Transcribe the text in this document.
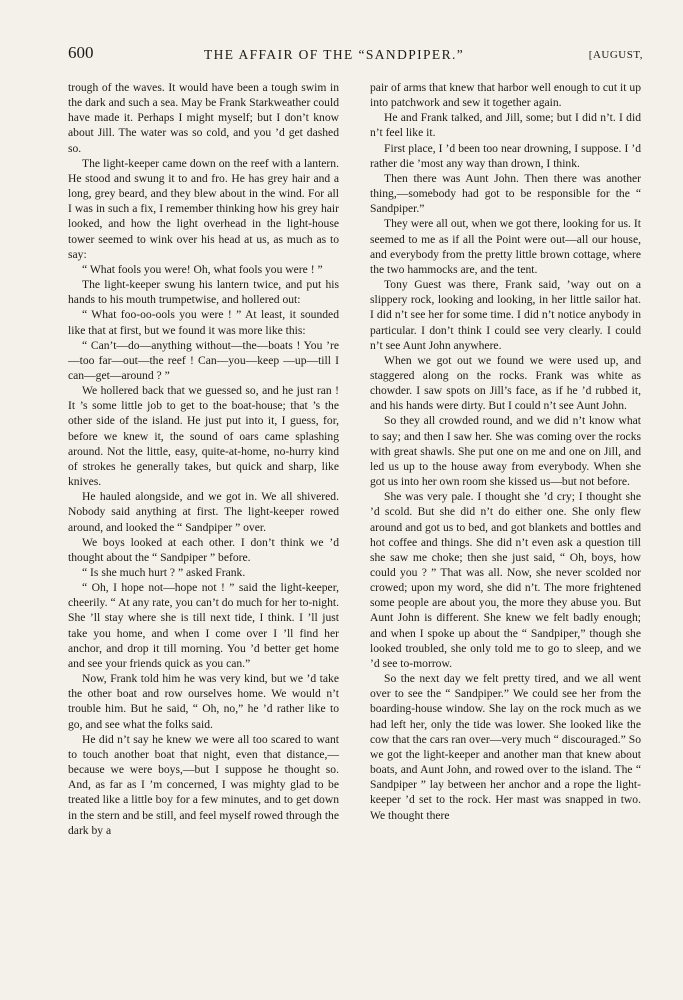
600	THE AFFAIR OF THE “SANDPIPER.”	[AUGUST,

trough of the waves. It would have been a tough swim in the dark and such a sea. May be Frank Starkweather could have made it. Perhaps I might myself; but I don’t know about Jill. The water was so cold, and you ’d get dashed so.

The light-keeper came down on the reef with a lantern. He stood and swung it to and fro. He has grey hair and a long, grey beard, and they blew about in the wind. For all I was in such a fix, I remember thinking how his grey hair looked, and how the light overhead in the light-house tower seemed to wink over his head at us, as much as to say:

“ What fools you were! Oh, what fools you were ! ”

The light-keeper swung his lantern twice, and put his hands to his mouth trumpetwise, and hollered out:

“ What foo-oo-ools you were ! ” At least, it sounded like that at first, but we found it was more like this:

“ Can’t—do—anything without—the—boats ! You ’re—too far—out—the reef ! Can—you—keep —up—till I can—get—around ? ”

We hollered back that we guessed so, and he just ran ! It ’s some little job to get to the boat-house; that ’s the other side of the island. He just put into it, I guess, for, before we knew it, the sound of oars came splashing around. Not the little, easy, quite-at-home, no-hurry kind of strokes he generally takes, but quick and sharp, like knives.

He hauled alongside, and we got in. We all shivered. Nobody said anything at first. The light-keeper rowed around, and looked the “ Sandpiper ” over.

We boys looked at each other. I don’t think we ’d thought about the “ Sandpiper ” before.

“ Is she much hurt ? ” asked Frank.

“ Oh, I hope not—hope not ! ” said the light-keeper, cheerily. “ At any rate, you can’t do much for her to-night. She ’ll stay where she is till next tide, I think. I ’ll just take you home, and when I come over I ’ll find her anchor, and drop it till morning. You ’d better get home and see your friends quick as you can.”

Now, Frank told him he was very kind, but we ’d take the other boat and row ourselves home. We would n’t trouble him. But he said, “ Oh, no,” he ’d rather like to go, and see what the folks said.

He did n’t say he knew we were all too scared to want to touch another boat that night, even that distance,—because we were boys,—but I suppose he thought so. And, as far as I ’m concerned, I was mighty glad to be treated like a little boy for a few minutes, and to get down in the stern and be still, and feel myself rowed through the dark by a

pair of arms that knew that harbor well enough to cut it up into patchwork and sew it together again.

He and Frank talked, and Jill, some; but I did n’t. I did n’t feel like it.

First place, I ’d been too near drowning, I suppose. I ’d rather die ’most any way than drown, I think.

Then there was Aunt John. Then there was another thing,—somebody had got to be responsible for the “ Sandpiper.”

They were all out, when we got there, looking for us. It seemed to me as if all the Point were out—all our house, and everybody from the pretty little brown cottage, where the two hammocks are, and the tent.

Tony Guest was there, Frank said, ’way out on a slippery rock, looking and looking, in her little sailor hat. I did n’t see her for some time. I did n’t notice anybody in particular. I don’t think I could see very clearly. I could n’t see Aunt John anywhere.

When we got out we found we were used up, and staggered along on the rocks. Frank was white as chowder. I saw spots on Jill’s face, as if he ’d rubbed it, and his hands were dirty. But I could n’t see Aunt John.

So they all crowded round, and we did n’t know what to say; and then I saw her. She was coming over the rocks with great shawls. She put one on me and one on Jill, and led us up to the house away from everybody. When she got us into her own room she kissed us—but not before.

She was very pale. I thought she ’d cry; I thought she ’d scold. But she did n’t do either one. She only flew around and got us to bed, and got blankets and bottles and hot coffee and things. She did n’t even ask a question till she saw me choke; then she just said, “ Oh, boys, how could you ? ” That was all. Now, she never scolded nor crowed; upon my word, she did n’t. The more frightened some people are about you, the more they abuse you. But Aunt John is different. She knew we felt badly enough; and when I spoke up about the “ Sandpiper,” though she looked troubled, she only told me to go to sleep, and we ’d see to-morrow.

So the next day we felt pretty tired, and we all went over to see the “ Sandpiper.” We could see her from the boarding-house window. She lay on the rock much as we had left her, only the tide was lower. She looked like the cow that the cars ran over—very much “ discouraged.” So we got the light-keeper and another man that knew about boats, and Aunt John, and rowed over to the island. The “ Sandpiper ” lay between her anchor and a rope the light-keeper ’d set to the rock. Her mast was snapped in two. We thought there
